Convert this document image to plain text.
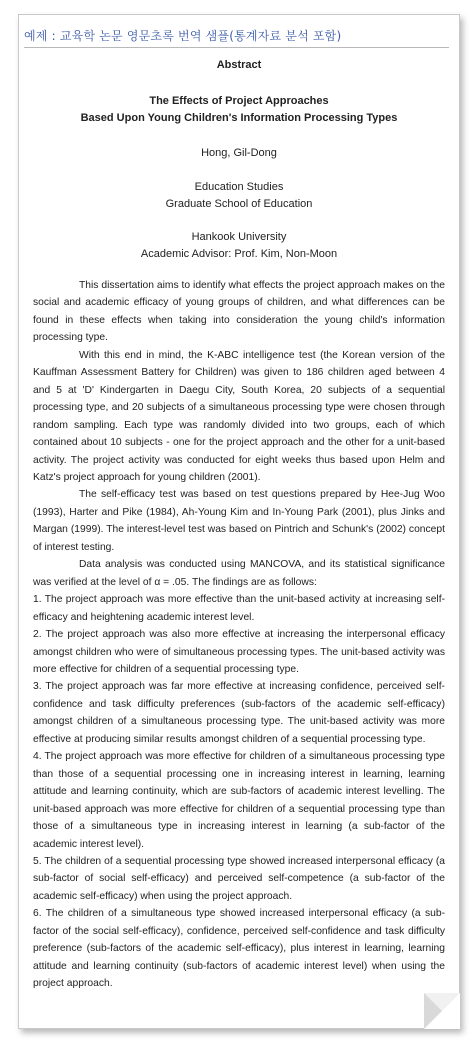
예제 : 교육학 논문 영문초록 번역 샘플(통계자료 분석 포함)
Abstract
The Effects of Project Approaches
Based Upon Young Children's Information Processing Types
Hong, Gil-Dong
Education Studies
Graduate School of Education
Hankook University
Academic Advisor: Prof. Kim, Non-Moon

This dissertation aims to identify what effects the project approach makes on the social and academic efficacy of young groups of children, and what differences can be found in these effects when taking into consideration the young child's information processing type.

With this end in mind, the K-ABC intelligence test (the Korean version of the Kauffman Assessment Battery for Children) was given to 186 children aged between 4 and 5 at 'D' Kindergarten in Daegu City, South Korea, 20 subjects of a sequential processing type, and 20 subjects of a simultaneous processing type were chosen through random sampling. Each type was randomly divided into two groups, each of which contained about 10 subjects - one for the project approach and the other for a unit-based activity. The project activity was conducted for eight weeks thus based upon Helm and Katz's project approach for young children (2001).

The self-efficacy test was based on test questions prepared by Hee-Jug Woo (1993), Harter and Pike (1984), Ah-Young Kim and In-Young Park (2001), plus Jinks and Margan (1999). The interest-level test was based on Pintrich and Schunk's (2002) concept of interest testing.

Data analysis was conducted using MANCOVA, and its statistical significance was verified at the level of α = .05. The findings are as follows:

1. The project approach was more effective than the unit-based activity at increasing self-efficacy and heightening academic interest level.

2. The project approach was also more effective at increasing the interpersonal efficacy amongst children who were of simultaneous processing types. The unit-based activity was more effective for children of a sequential processing type.

3. The project approach was far more effective at increasing confidence, perceived self-confidence and task difficulty preferences (sub-factors of the academic self-efficacy) amongst children of a simultaneous processing type. The unit-based activity was more effective at producing similar results amongst children of a sequential processing type.

4. The project approach was more effective for children of a simultaneous processing type than those of a sequential processing one in increasing interest in learning, learning attitude and learning continuity, which are sub-factors of academic interest levelling. The unit-based approach was more effective for children of a sequential processing type than those of a simultaneous type in increasing interest in learning (a sub-factor of the academic interest level).

5. The children of a sequential processing type showed increased interpersonal efficacy (a sub-factor of social self-efficacy) and perceived self-competence (a sub-factor of the academic self-efficacy) when using the project approach.

6. The children of a simultaneous type showed increased interpersonal efficacy (a sub-factor of the social self-efficacy), confidence, perceived self-confidence and task difficulty preference (sub-factors of the academic self-efficacy), plus interest in learning, learning attitude and learning continuity (sub-factors of academic interest level) when using the project approach.
